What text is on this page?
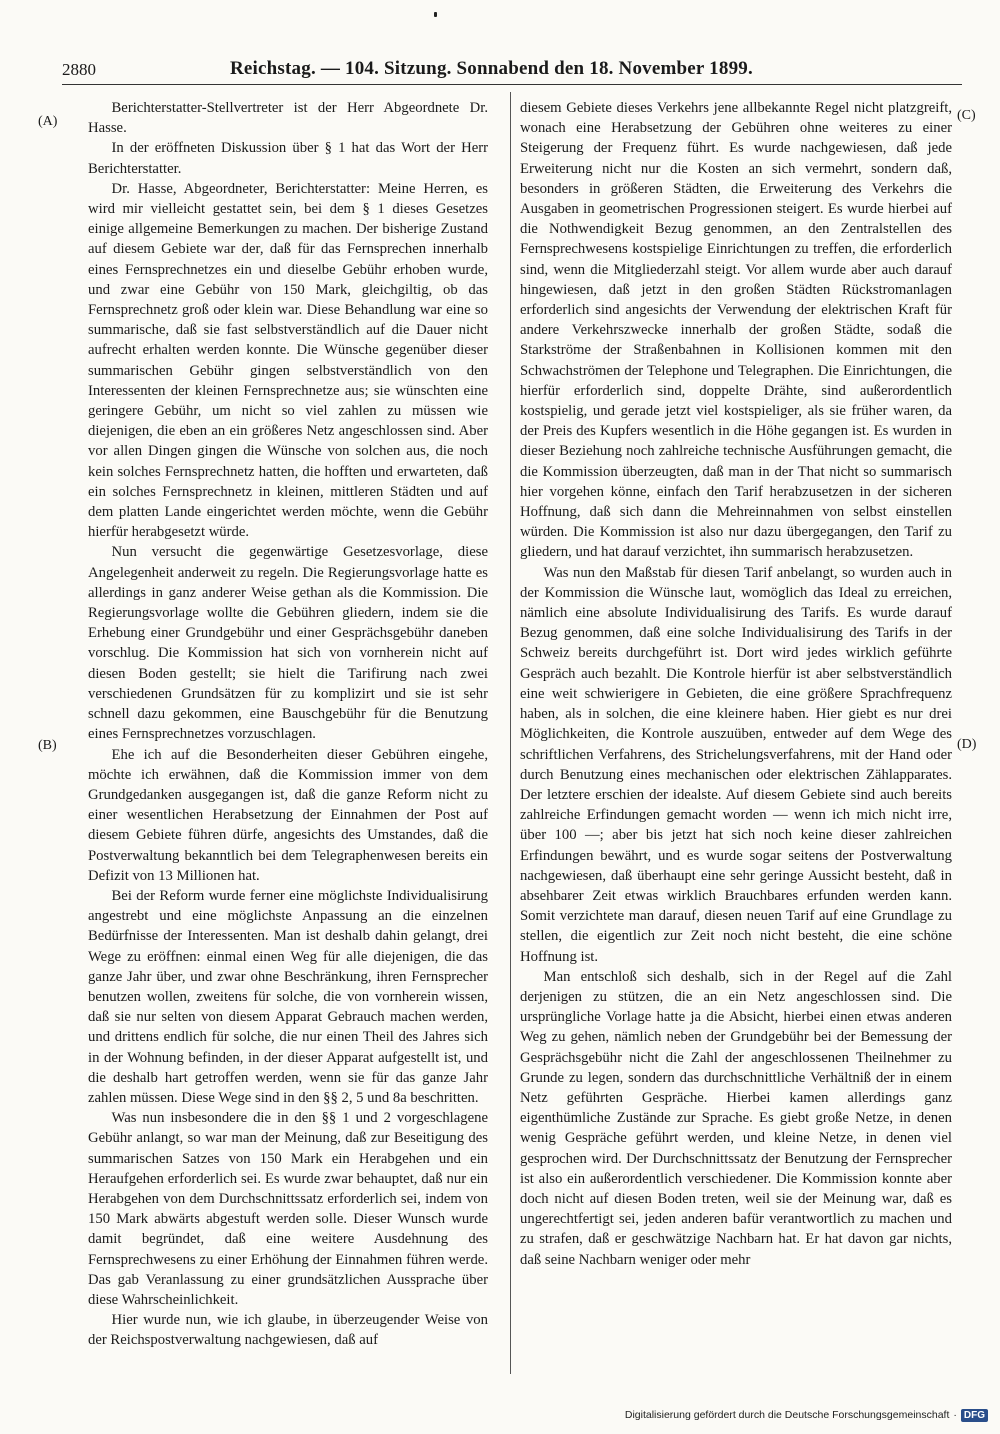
2880	Reichstag. — 104. Sitzung. Sonnabend den 18. November 1899.
(A)
(B)
(C)
(D)

Berichterstatter-Stellvertreter ist der Herr Abgeordnete Dr. Hasse.

In der eröffneten Diskussion über § 1 hat das Wort der Herr Berichterstatter.

Dr. Hasse, Abgeordneter, Berichterstatter: Meine Herren, es wird mir vielleicht gestattet sein, bei dem § 1 dieses Gesetzes einige allgemeine Bemerkungen zu machen. Der bisherige Zustand auf diesem Gebiete war der, daß für das Fernsprechen innerhalb eines Fernsprechnetzes ein und dieselbe Gebühr erhoben wurde, und zwar eine Gebühr von 150 Mark, gleichgiltig, ob das Fernsprechnetz groß oder klein war. Diese Behandlung war eine so summarische, daß sie fast selbstverständlich auf die Dauer nicht aufrecht erhalten werden konnte. Die Wünsche gegenüber dieser summarischen Gebühr gingen selbstverständlich von den Interessenten der kleinen Fernsprechnetze aus; sie wünschten eine geringere Gebühr, um nicht so viel zahlen zu müssen wie diejenigen, die eben an ein größeres Netz angeschlossen sind. Aber vor allen Dingen gingen die Wünsche von solchen aus, die noch kein solches Fernsprechnetz hatten, die hofften und erwarteten, daß ein solches Fernsprechnetz in kleinen, mittleren Städten und auf dem platten Lande eingerichtet werden möchte, wenn die Gebühr hierfür herabgesetzt würde.

Nun versucht die gegenwärtige Gesetzesvorlage, diese Angelegenheit anderweit zu regeln. Die Regierungsvorlage hatte es allerdings in ganz anderer Weise gethan als die Kommission. Die Regierungsvorlage wollte die Gebühren gliedern, indem sie die Erhebung einer Grundgebühr und einer Gesprächsgebühr daneben vorschlug. Die Kommission hat sich von vornherein nicht auf diesen Boden gestellt; sie hielt die Tarifirung nach zwei verschiedenen Grundsätzen für zu komplizirt und sie ist sehr schnell dazu gekommen, eine Bauschgebühr für die Benutzung eines Fernsprechnetzes vorzuschlagen.

Ehe ich auf die Besonderheiten dieser Gebühren eingehe, möchte ich erwähnen, daß die Kommission immer von dem Grundgedanken ausgegangen ist, daß die ganze Reform nicht zu einer wesentlichen Herabsetzung der Einnahmen der Post auf diesem Gebiete führen dürfe, angesichts des Umstandes, daß die Postverwaltung bekanntlich bei dem Telegraphenwesen bereits ein Defizit von 13 Millionen hat.

Bei der Reform wurde ferner eine möglichste Individualisirung angestrebt und eine möglichste Anpassung an die einzelnen Bedürfnisse der Interessenten. Man ist deshalb dahin gelangt, drei Wege zu eröffnen: einmal einen Weg für alle diejenigen, die das ganze Jahr über, und zwar ohne Beschränkung, ihren Fernsprecher benutzen wollen, zweitens für solche, die von vornherein wissen, daß sie nur selten von diesem Apparat Gebrauch machen werden, und drittens endlich für solche, die nur einen Theil des Jahres sich in der Wohnung befinden, in der dieser Apparat aufgestellt ist, und die deshalb hart getroffen werden, wenn sie für das ganze Jahr zahlen müssen. Diese Wege sind in den §§ 2, 5 und 8a beschritten.

Was nun insbesondere die in den §§ 1 und 2 vorgeschlagene Gebühr anlangt, so war man der Meinung, daß zur Beseitigung des summarischen Satzes von 150 Mark ein Herabgehen und ein Heraufgehen erforderlich sei. Es wurde zwar behauptet, daß nur ein Herabgehen von dem Durchschnittssatz erforderlich sei, indem von 150 Mark abwärts abgestuft werden solle. Dieser Wunsch wurde damit begründet, daß eine weitere Ausdehnung des Fernsprechwesens zu einer Erhöhung der Einnahmen führen werde. Das gab Veranlassung zu einer grundsätzlichen Aussprache über diese Wahrscheinlichkeit.

Hier wurde nun, wie ich glaube, in überzeugender Weise von der Reichspostverwaltung nachgewiesen, daß auf

diesem Gebiete dieses Verkehrs jene allbekannte Regel nicht platzgreift, wonach eine Herabsetzung der Gebühren ohne weiteres zu einer Steigerung der Frequenz führt. Es wurde nachgewiesen, daß jede Erweiterung nicht nur die Kosten an sich vermehrt, sondern daß, besonders in größeren Städten, die Erweiterung des Verkehrs die Ausgaben in geometrischen Progressionen steigert. Es wurde hierbei auf die Nothwendigkeit Bezug genommen, an den Zentralstellen des Fernsprechwesens kostspielige Einrichtungen zu treffen, die erforderlich sind, wenn die Mitgliederzahl steigt. Vor allem wurde aber auch darauf hingewiesen, daß jetzt in den großen Städten Rückstromanlagen erforderlich sind angesichts der Verwendung der elektrischen Kraft für andere Verkehrszwecke innerhalb der großen Städte, sodaß die Starkströme der Straßenbahnen in Kollisionen kommen mit den Schwachströmen der Telephone und Telegraphen. Die Einrichtungen, die hierfür erforderlich sind, doppelte Drähte, sind außerordentlich kostspielig, und gerade jetzt viel kostspieliger, als sie früher waren, da der Preis des Kupfers wesentlich in die Höhe gegangen ist. Es wurden in dieser Beziehung noch zahlreiche technische Ausführungen gemacht, die die Kommission überzeugten, daß man in der That nicht so summarisch hier vorgehen könne, einfach den Tarif herabzusetzen in der sicheren Hoffnung, daß sich dann die Mehreinnahmen von selbst einstellen würden. Die Kommission ist also nur dazu übergegangen, den Tarif zu gliedern, und hat darauf verzichtet, ihn summarisch herabzusetzen.

Was nun den Maßstab für diesen Tarif anbelangt, so wurden auch in der Kommission die Wünsche laut, womöglich das Ideal zu erreichen, nämlich eine absolute Individualisirung des Tarifs. Es wurde darauf Bezug genommen, daß eine solche Individualisirung des Tarifs in der Schweiz bereits durchgeführt ist. Dort wird jedes wirklich geführte Gespräch auch bezahlt. Die Kontrole hierfür ist aber selbstverständlich eine weit schwierigere in Gebieten, die eine größere Sprachfrequenz haben, als in solchen, die eine kleinere haben. Hier giebt es nur drei Möglichkeiten, die Kontrole auszuüben, entweder auf dem Wege des schriftlichen Verfahrens, des Strichelungsverfahrens, mit der Hand oder durch Benutzung eines mechanischen oder elektrischen Zählapparates. Der letztere erschien der idealste. Auf diesem Gebiete sind auch bereits zahlreiche Erfindungen gemacht worden — wenn ich mich nicht irre, über 100 —; aber bis jetzt hat sich noch keine dieser zahlreichen Erfindungen bewährt, und es wurde sogar seitens der Postverwaltung nachgewiesen, daß überhaupt eine sehr geringe Aussicht besteht, daß in absehbarer Zeit etwas wirklich Brauchbares erfunden werden kann. Somit verzichtete man darauf, diesen neuen Tarif auf eine Grundlage zu stellen, die eigentlich zur Zeit noch nicht besteht, die eine schöne Hoffnung ist.

Man entschloß sich deshalb, sich in der Regel auf die Zahl derjenigen zu stützen, die an ein Netz angeschlossen sind. Die ursprüngliche Vorlage hatte ja die Absicht, hierbei einen etwas anderen Weg zu gehen, nämlich neben der Grundgebühr bei der Bemessung der Gesprächsgebühr nicht die Zahl der angeschlossenen Theilnehmer zu Grunde zu legen, sondern das durchschnittliche Verhältniß der in einem Netz geführten Gespräche. Hierbei kamen allerdings ganz eigenthümliche Zustände zur Sprache. Es giebt große Netze, in denen wenig Gespräche geführt werden, und kleine Netze, in denen viel gesprochen wird. Der Durchschnittssatz der Benutzung der Fernsprecher ist also ein außerordentlich verschiedener. Die Kommission konnte aber doch nicht auf diesen Boden treten, weil sie der Meinung war, daß es ungerechtfertigt sei, jeden anderen bafür verantwortlich zu machen und zu strafen, daß er geschwätzige Nachbarn hat. Er hat davon gar nichts, daß seine Nachbarn weniger oder mehr

Digitalisierung gefördert durch die Deutsche Forschungsgemeinschaft · DFG
